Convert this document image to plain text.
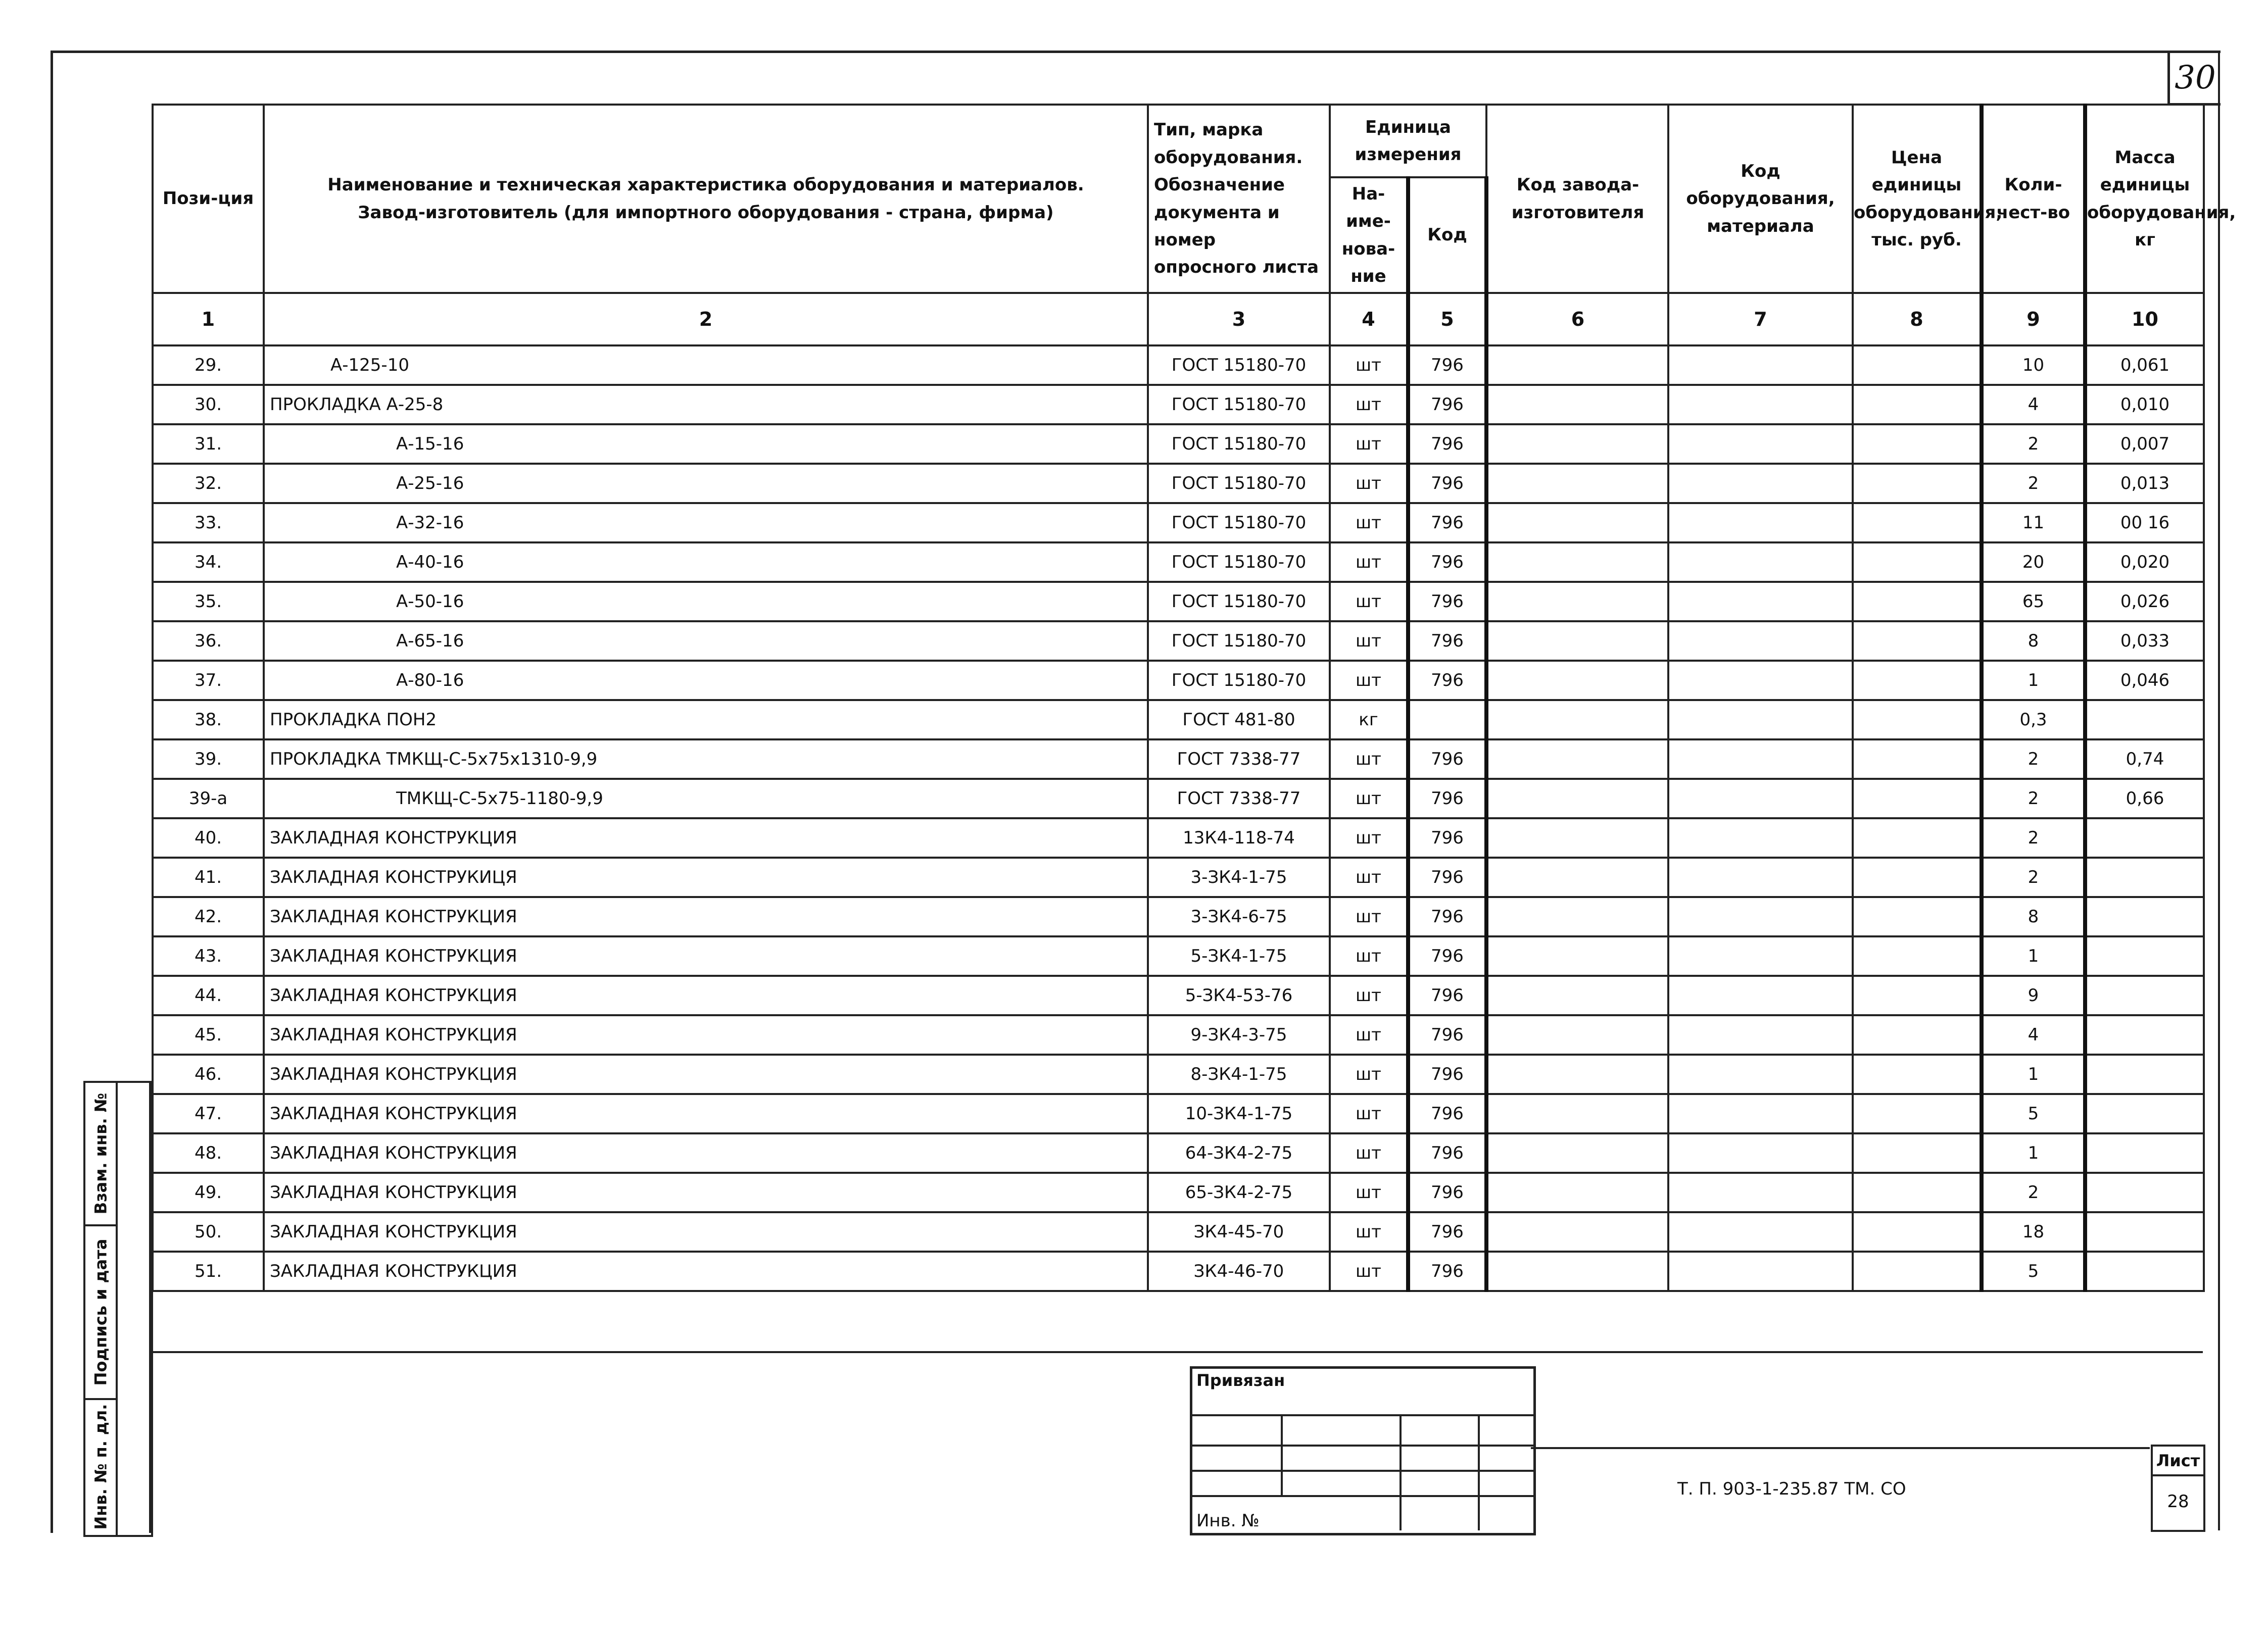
30
Пози-ция	Наименование и техническая характеристика оборудования и материалов. Завод-изготовитель (для импортного оборудования - страна, фирма)	Тип, марка оборудования. Обозначение документа и номер опросного листа	Единица измерения		Код завода-изготовителя	Код оборудования, материала	Цена единицы оборудования, тыс. руб.	Коли-чест-во	Масса единицы оборудования, кг
			На-име-нова-ние	Код					
1	2	3	4	5	6	7	8	9	10
29.	А-125-10	ГОСТ 15180-70	шт	796				10	0,061
30.	ПРОКЛАДКА А-25-8	ГОСТ 15180-70	шт	796				4	0,010
31.	А-15-16	ГОСТ 15180-70	шт	796				2	0,007
32.	А-25-16	ГОСТ 15180-70	шт	796				2	0,013
33.	А-32-16	ГОСТ 15180-70	шт	796				11	00 16
34.	А-40-16	ГОСТ 15180-70	шт	796				20	0,020
35.	А-50-16	ГОСТ 15180-70	шт	796				65	0,026
36.	А-65-16	ГОСТ 15180-70	шт	796				8	0,033
37.	А-80-16	ГОСТ 15180-70	шт	796				1	0,046
38.	ПРОКЛАДКА ПОН2	ГОСТ 481-80	кг					0,3	
39.	ПРОКЛАДКА ТМКЩ-С-5х75х1310-9,9	ГОСТ 7338-77	шт	796				2	0,74
39-а	ТМКЩ-С-5х75-1180-9,9	ГОСТ 7338-77	шт	796				2	0,66
40.	ЗАКЛАДНАЯ КОНСТРУКЦИЯ	13К4-118-74	шт	796				2	
41.	ЗАКЛАДНАЯ КОНСТРУКИЦЯ	3-ЗК4-1-75	шт	796				2	
42.	ЗАКЛАДНАЯ КОНСТРУКЦИЯ	3-ЗК4-6-75	шт	796				8	
43.	ЗАКЛАДНАЯ КОНСТРУКЦИЯ	5-ЗК4-1-75	шт	796				1	
44.	ЗАКЛАДНАЯ КОНСТРУКЦИЯ	5-ЗК4-53-76	шт	796				9	
45.	ЗАКЛАДНАЯ КОНСТРУКЦИЯ	9-ЗК4-3-75	шт	796				4	
46.	ЗАКЛАДНАЯ КОНСТРУКЦИЯ	8-ЗК4-1-75	шт	796				1	
47.	ЗАКЛАДНАЯ КОНСТРУКЦИЯ	10-ЗК4-1-75	шт	796				5	
48.	ЗАКЛАДНАЯ КОНСТРУКЦИЯ	64-ЗК4-2-75	шт	796				1	
49.	ЗАКЛАДНАЯ КОНСТРУКЦИЯ	65-ЗК4-2-75	шт	796				2	
50.	ЗАКЛАДНАЯ КОНСТРУКЦИЯ	ЗК4-45-70	шт	796				18	
51.	ЗАКЛАДНАЯ КОНСТРУКЦИЯ	ЗК4-46-70	шт	796				5	
Взам. инв. №
Подпись и дата
Инв. № п. дл.
Привязан
Инв. №
Т. П. 903-1-235.87 ТМ. СО
Лист
28
